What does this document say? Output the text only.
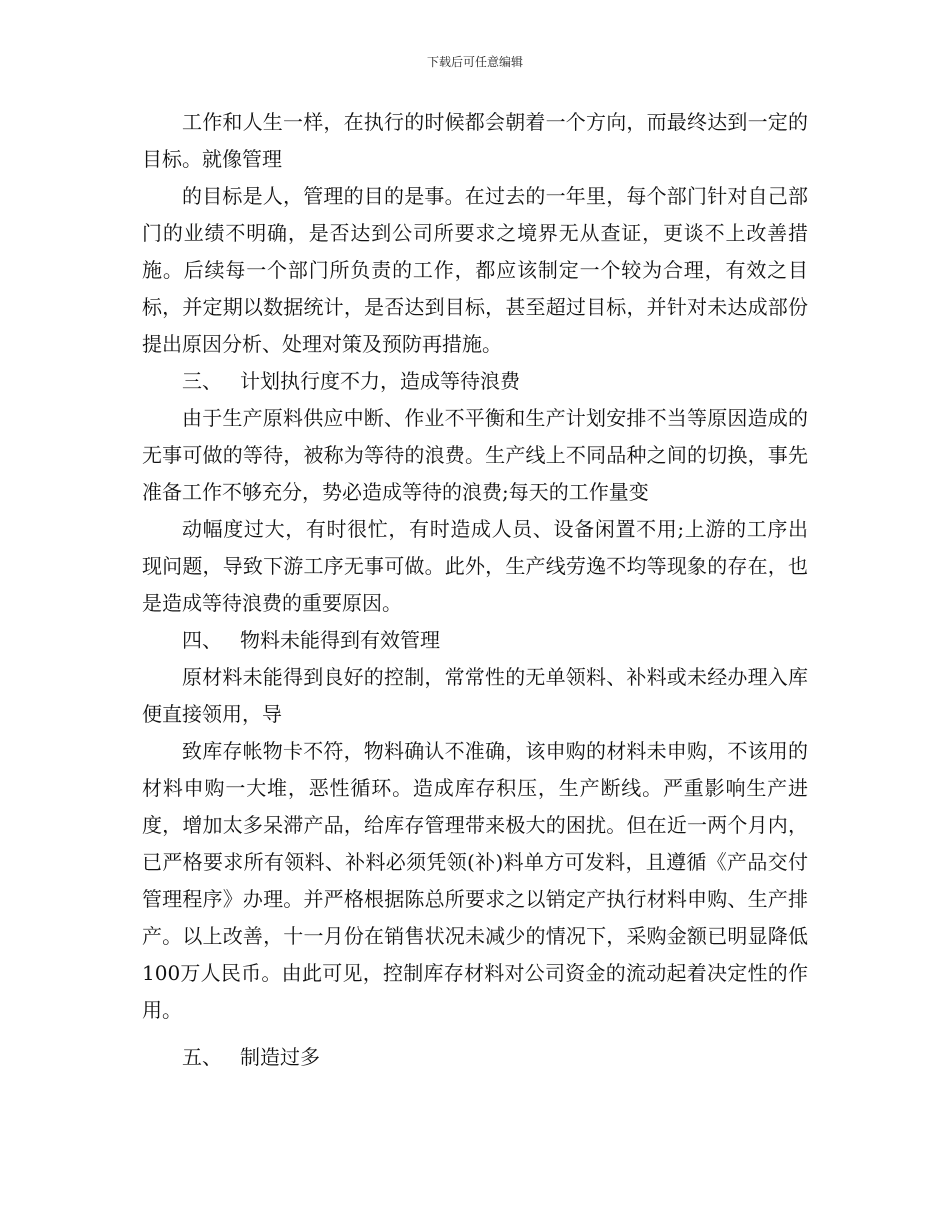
下载后可任意编辑

工作和人生一样，在执行的时候都会朝着一个方向，而最终达到一定的目标。就像管理

的目标是人，管理的目的是事。在过去的一年里，每个部门针对自己部门的业绩不明确，是否达到公司所要求之境界无从查证，更谈不上改善措施。后续每一个部门所负责的工作，都应该制定一个较为合理，有效之目标，并定期以数据统计，是否达到目标，甚至超过目标，并针对未达成部份提出原因分析、处理对策及预防再措施。

三、 计划执行度不力，造成等待浪费

由于生产原料供应中断、作业不平衡和生产计划安排不当等原因造成的无事可做的等待，被称为等待的浪费。生产线上不同品种之间的切换，事先准备工作不够充分，势必造成等待的浪费;每天的工作量变

动幅度过大，有时很忙，有时造成人员、设备闲置不用;上游的工序出现问题，导致下游工序无事可做。此外，生产线劳逸不均等现象的存在，也是造成等待浪费的重要原因。

四、 物料未能得到有效管理

原材料未能得到良好的控制，常常性的无单领料、补料或未经办理入库便直接领用，导

致库存帐物卡不符，物料确认不准确，该申购的材料未申购，不该用的材料申购一大堆，恶性循环。造成库存积压，生产断线。严重影响生产进度，增加太多呆滞产品，给库存管理带来极大的困扰。但在近一两个月内，已严格要求所有领料、补料必须凭领(补)料单方可发料，且遵循《产品交付管理程序》办理。并严格根据陈总所要求之以销定产执行材料申购、生产排产。以上改善，十一月份在销售状况未减少的情况下，采购金额已明显降低100万人民币。由此可见，控制库存材料对公司资金的流动起着决定性的作用。

五、 制造过多
